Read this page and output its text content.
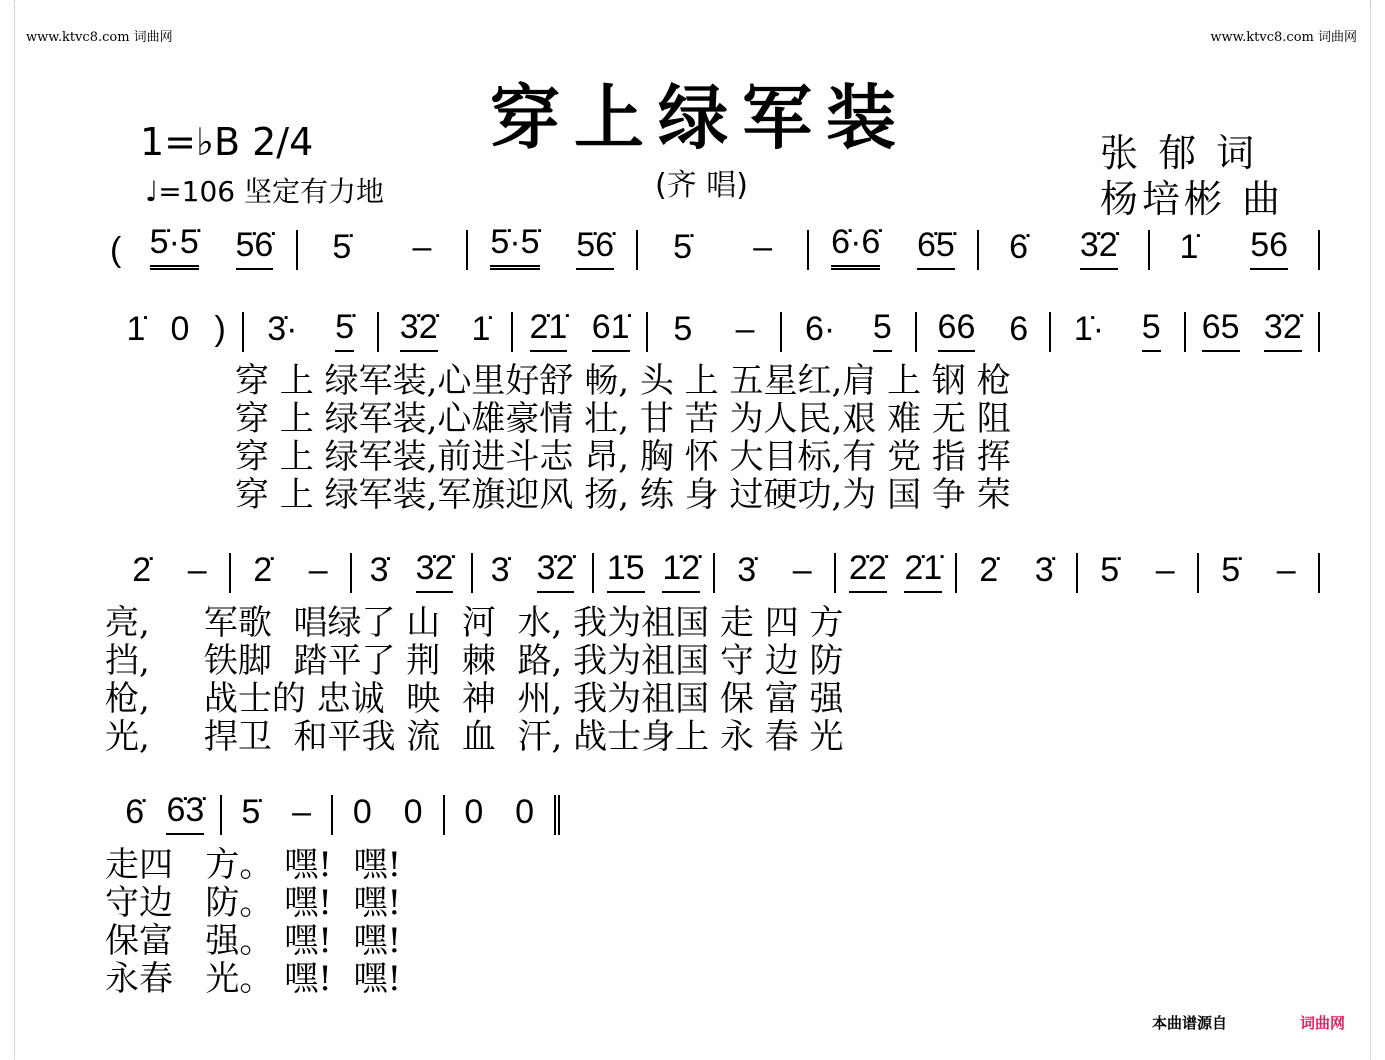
www.ktvc8.com 词曲网	www.ktvc8.com 词曲网
穿上绿军装
(齐 唱)
1=♭B 2/4
♩=106 坚定有力地
张 郁 词
杨培彬 曲
( 5̇·5̇ 5̇6̇ 5̇ – 5̇·5̇ 5̇6̇ 5̇ – 6̇·6̇ 6̇5̇ 6̇ 3̇2̇ 1̇ 56
1̇ 0 ) 3̇· 5̇ 3̇2̇ 1̇ 2̇1̇ 61̇ 5 – 6· 5 66 6 1̇· 5 65 3̇2̇
2̇ – 2̇ – 3̇ 3̇2̇ 3̇ 3̇2̇ 1̇5 1̇2̇ 3̇ – 2̇2̇ 2̇1̇ 2̇ 3̇ 5̇ – 5̇ –
6̇ 6̇3̇ 5̇ – 0 0 0 0
穿 上 绿军装,心里好舒 畅, 头 上 五星红,肩 上 钢 枪
穿 上 绿军装,心雄豪情 壮, 甘 苦 为人民,艰 难 无 阻
穿 上 绿军装,前进斗志 昂, 胸 怀 大目标,有 党 指 挥
穿 上 绿军装,军旗迎风 扬, 练 身 过硬功,为 国 争 荣
亮,     军歌  唱绿了 山  河  水, 我为祖国 走 四 方
挡,     铁脚  踏平了 荆  棘  路, 我为祖国 守 边 防
枪,     战士的 忠诚  映  神  州, 我为祖国 保 富 强
光,     捍卫  和平我 流  血  汗, 战士身上 永 春 光
走四   方。 嘿!  嘿!
守边   防。 嘿!  嘿!
保富   强。 嘿!  嘿!
永春   光。 嘿!  嘿!
本曲谱源自	词曲网
